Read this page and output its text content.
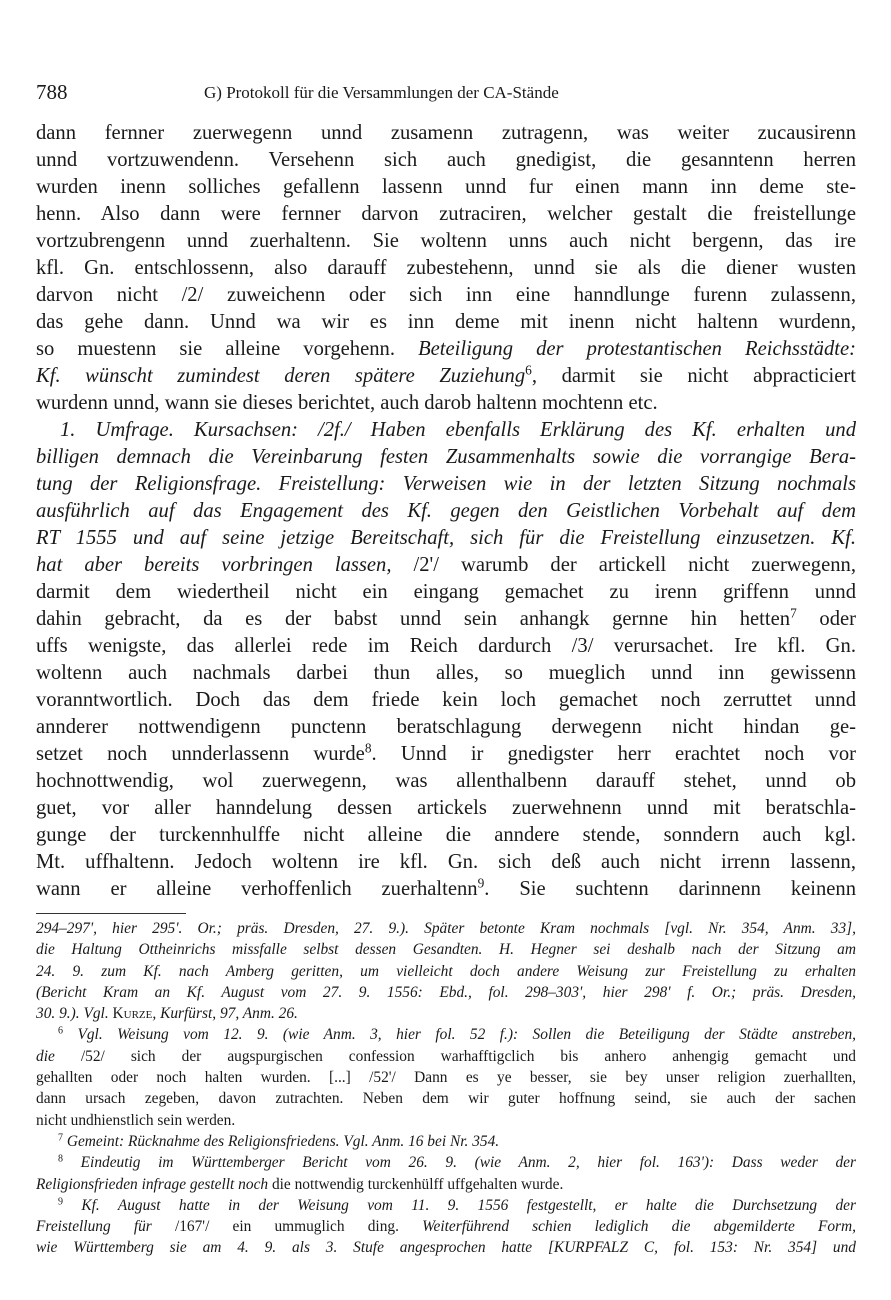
788	G) Protokoll für die Versammlungen der CA-Stände
dann fernner zuerwegenn unnd zusamenn zutragenn, was weiter zucausirenn
unnd vortzuwendenn. Versehenn sich auch gnedigist, die gesanntenn herren
wurden inenn solliches gefallenn lassenn unnd fur einen mann inn deme ste-
henn. Also dann were fernner darvon zutraciren, welcher gestalt die freistellunge
vortzubrengenn unnd zuerhaltenn. Sie woltenn unns auch nicht bergenn, das ire
kfl. Gn. entschlossenn, also darauff zubestehenn, unnd sie als die diener wusten
darvon nicht /2/ zuweichenn oder sich inn eine hanndlunge furenn zulassenn,
das gehe dann. Unnd wa wir es inn deme mit inenn nicht haltenn wurdenn,
so muestenn sie alleine vorgehenn. Beteiligung der protestantischen Reichsstädte:
Kf. wünscht zumindest deren spätere Zuziehung$^6$, darmit sie nicht abpracticiert
wurdenn unnd, wann sie dieses berichtet, auch darob haltenn mochtenn etc.
1. Umfrage. Kursachsen: /2f./ Haben ebenfalls Erklärung des Kf. erhalten und
billigen demnach die Vereinbarung festen Zusammenhalts sowie die vorrangige Bera-
tung der Religionsfrage. Freistellung: Verweisen wie in der letzten Sitzung nochmals
ausführlich auf das Engagement des Kf. gegen den Geistlichen Vorbehalt auf dem
RT 1555 und auf seine jetzige Bereitschaft, sich für die Freistellung einzusetzen. Kf.
hat aber bereits vorbringen lassen, /2'/ warumb der artickell nicht zuerwegenn,
darmit dem wiedertheil nicht ein eingang gemachet zu irenn griffenn unnd
dahin gebracht, da es der babst unnd sein anhangk gernne hin hetten$^7$ oder
uffs wenigste, das allerlei rede im Reich dardurch /3/ verursachet. Ire kfl. Gn.
woltenn auch nachmals darbei thun alles, so mueglich unnd inn gewissenn
voranntwortlich. Doch das dem friede kein loch gemachet noch zerruttet unnd
annderer nottwendigenn punctenn beratschlagung derwegenn nicht hindan ge-
setzet noch unnderlassenn wurde$^8$. Unnd ir gnedigster herr erachtet noch vor
hochnottwendig, wol zuerwegenn, was allenthalbenn darauff stehet, unnd ob
guet, vor aller hanndelung dessen artickels zuerwehnenn unnd mit beratschla-
gunge der turckennhulffe nicht alleine die anndere stende, sonndern auch kgl.
Mt. uffhaltenn. Jedoch woltenn ire kfl. Gn. sich deß auch nicht irrenn lassenn,
wann er alleine verhoffenlich zuerhaltenn$^9$. Sie suchtenn darinnenn keinenn
294–297', hier 295'. Or.; präs. Dresden, 27. 9.). Später betonte Kram nochmals [vgl. Nr. 354, Anm. 33],
die Haltung Ottheinrichs missfalle selbst dessen Gesandten. H. Hegner sei deshalb nach der Sitzung am
24. 9. zum Kf. nach Amberg geritten, um vielleicht doch andere Weisung zur Freistellung zu erhalten
(Bericht Kram an Kf. August vom 27. 9. 1556: Ebd., fol. 298–303', hier 298' f. Or.; präs. Dresden,
30. 9.). Vgl. Kurze, Kurfürst, 97, Anm. 26.
$^6$ Vgl. Weisung vom 12. 9. (wie Anm. 3, hier fol. 52 f.): Sollen die Beteiligung der Städte anstreben,
die /52/ sich der augspurgischen confession warhafftigclich bis anhero anhengig gemacht und
gehallten oder noch halten wurden. [...] /52'/ Dann es ye besser, sie bey unser religion zuerhallten,
dann ursach zegeben, davon zutrachten. Neben dem wir guter hoffnung seind, sie auch der sachen
nicht undhienstlich sein werden.
$^7$ Gemeint: Rücknahme des Religionsfriedens. Vgl. Anm. 16 bei Nr. 354.
$^8$ Eindeutig im Württemberger Bericht vom 26. 9. (wie Anm. 2, hier fol. 163'): Dass weder der
Religionsfrieden infrage gestellt noch die nottwendig turckenhülff uffgehalten wurde.
$^9$ Kf. August hatte in der Weisung vom 11. 9. 1556 festgestellt, er halte die Durchsetzung der
Freistellung für /167'/ ein ummuglich ding. Weiterführend schien lediglich die abgemilderte Form,
wie Württemberg sie am 4. 9. als 3. Stufe angesprochen hatte [KURPFALZ C, fol. 153: Nr. 354] und
